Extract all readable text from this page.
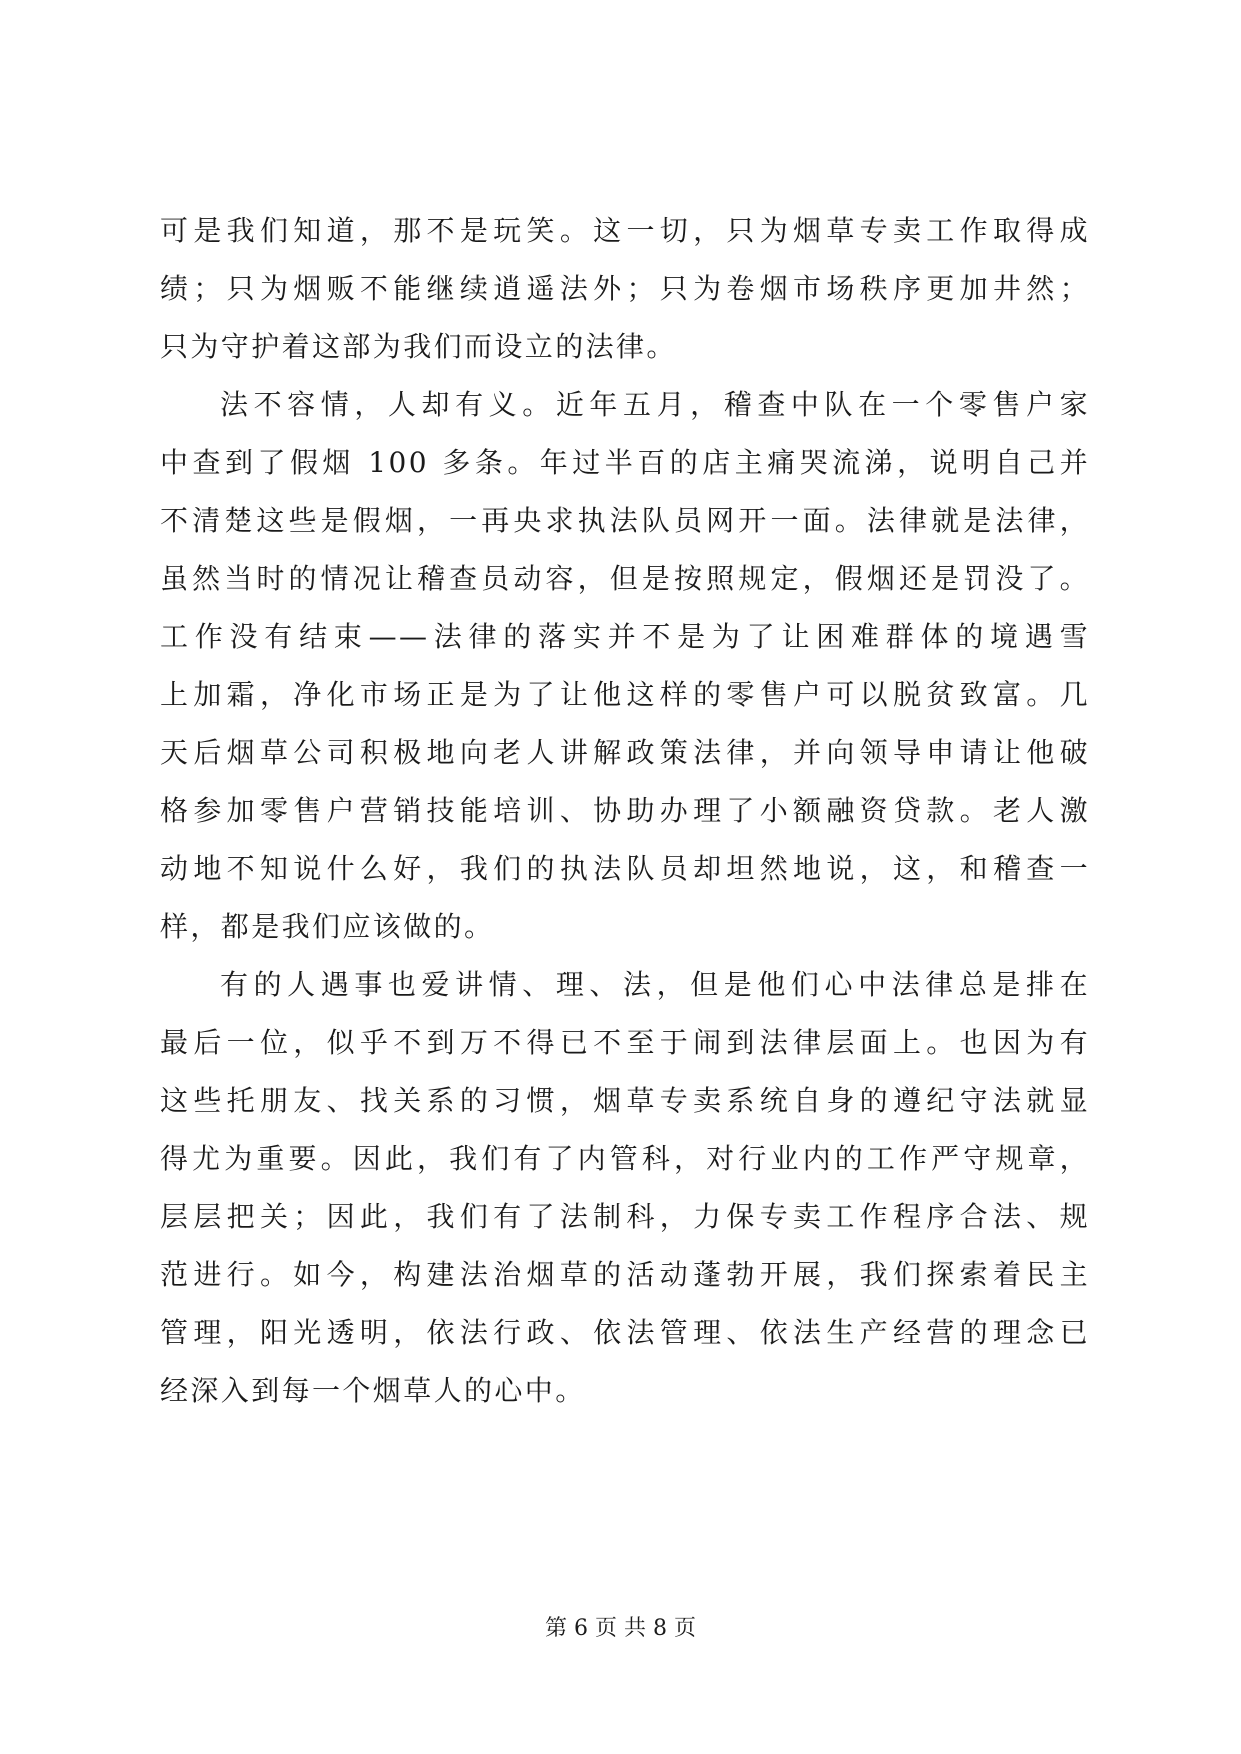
可是我们知道，那不是玩笑。这一切，只为烟草专卖工作取得成
绩；只为烟贩不能继续逍遥法外；只为卷烟市场秩序更加井然；
只为守护着这部为我们而设立的法律。
法不容情，人却有义。近年五月，稽查中队在一个零售户家
中查到了假烟 100 多条。年过半百的店主痛哭流涕，说明自己并
不清楚这些是假烟，一再央求执法队员网开一面。法律就是法律，
虽然当时的情况让稽查员动容，但是按照规定，假烟还是罚没了。
工作没有结束——法律的落实并不是为了让困难群体的境遇雪
上加霜，净化市场正是为了让他这样的零售户可以脱贫致富。几
天后烟草公司积极地向老人讲解政策法律，并向领导申请让他破
格参加零售户营销技能培训、协助办理了小额融资贷款。老人激
动地不知说什么好，我们的执法队员却坦然地说，这，和稽查一
样，都是我们应该做的。
有的人遇事也爱讲情、理、法，但是他们心中法律总是排在
最后一位，似乎不到万不得已不至于闹到法律层面上。也因为有
这些托朋友、找关系的习惯，烟草专卖系统自身的遵纪守法就显
得尤为重要。因此，我们有了内管科，对行业内的工作严守规章，
层层把关；因此，我们有了法制科，力保专卖工作程序合法、规
范进行。如今，构建法治烟草的活动蓬勃开展，我们探索着民主
管理，阳光透明，依法行政、依法管理、依法生产经营的理念已
经深入到每一个烟草人的心中。
第 6 页 共 8 页
